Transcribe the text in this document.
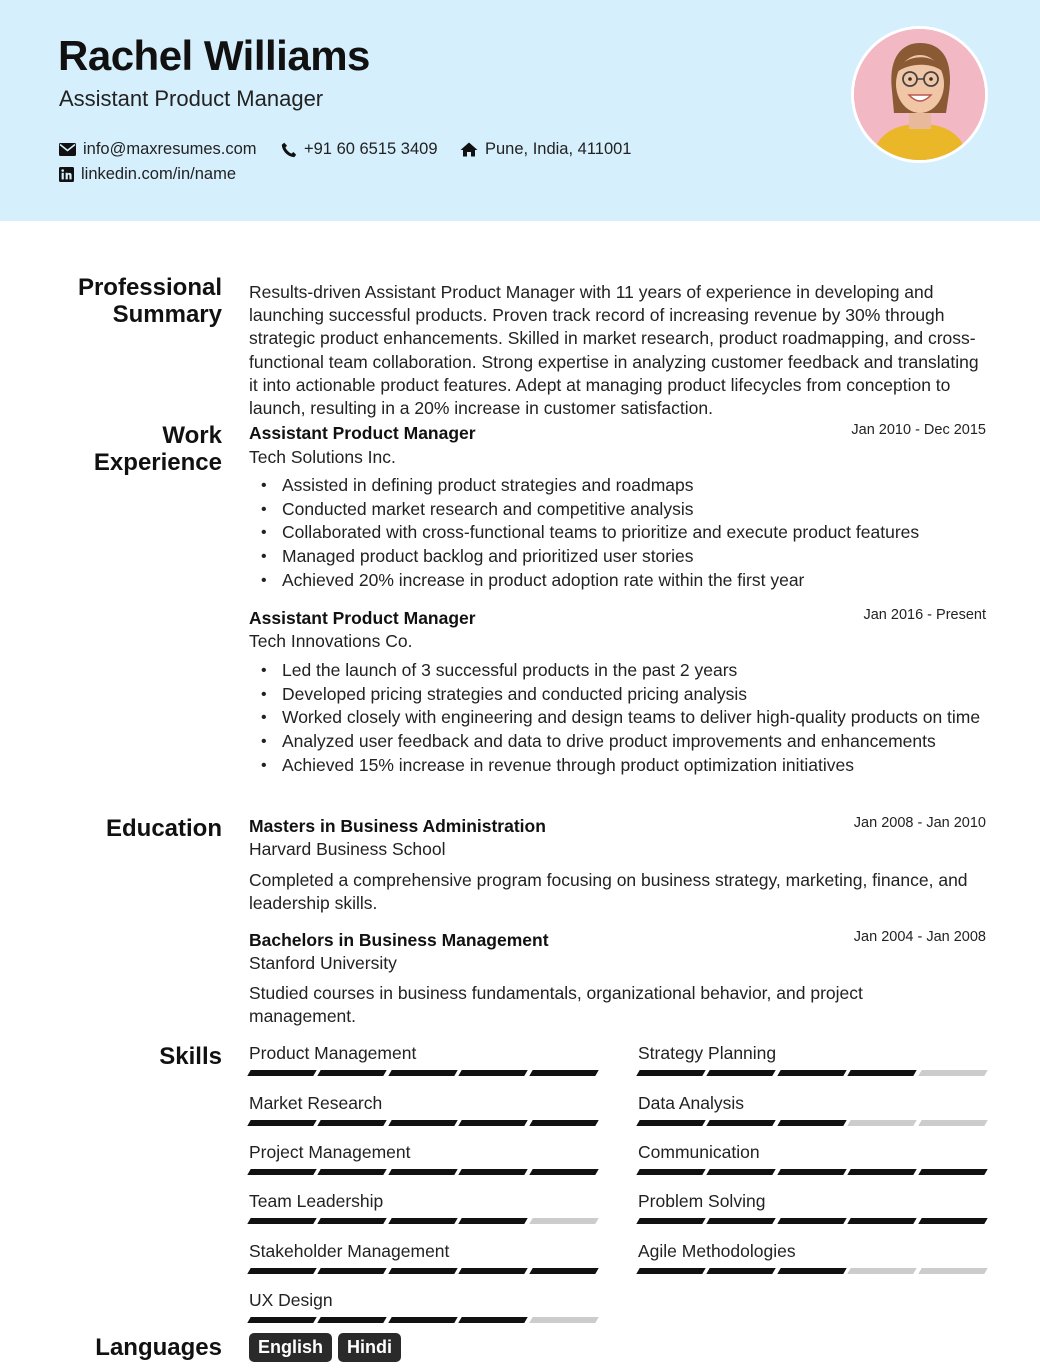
Rachel Williams
Assistant Product Manager
info@maxresumes.com	+91 60 6515 3409	Pune, India, 411001
linkedin.com/in/name
Professional
Summary
Results-driven Assistant Product Manager with 11 years of experience in developing and launching successful products. Proven track record of increasing revenue by 30% through strategic product enhancements. Skilled in market research, product roadmapping, and cross-functional team collaboration. Strong expertise in analyzing customer feedback and translating it into actionable product features. Adept at managing product lifecycles from conception to launch, resulting in a 20% increase in customer satisfaction.
Work
Experience
Assistant Product Manager	Jan 2010 - Dec 2015
Tech Solutions Inc.
• Assisted in defining product strategies and roadmaps
• Conducted market research and competitive analysis
• Collaborated with cross-functional teams to prioritize and execute product features
• Managed product backlog and prioritized user stories
• Achieved 20% increase in product adoption rate within the first year
Assistant Product Manager	Jan 2016 - Present
Tech Innovations Co.
• Led the launch of 3 successful products in the past 2 years
• Developed pricing strategies and conducted pricing analysis
• Worked closely with engineering and design teams to deliver high-quality products on time
• Analyzed user feedback and data to drive product improvements and enhancements
• Achieved 15% increase in revenue through product optimization initiatives
Education Masters in Business Administration	Jan 2008 - Jan 2010
Harvard Business School
Completed a comprehensive program focusing on business strategy, marketing, finance, and leadership skills.
Bachelors in Business Management	Jan 2004 - Jan 2008
Stanford University
Studied courses in business fundamentals, organizational behavior, and project management.
Skills Product Management	Strategy Planning
Market Research	Data Analysis
Project Management	Communication
Team Leadership	Problem Solving
Stakeholder Management	Agile Methodologies
UX Design
Languages	English	Hindi
